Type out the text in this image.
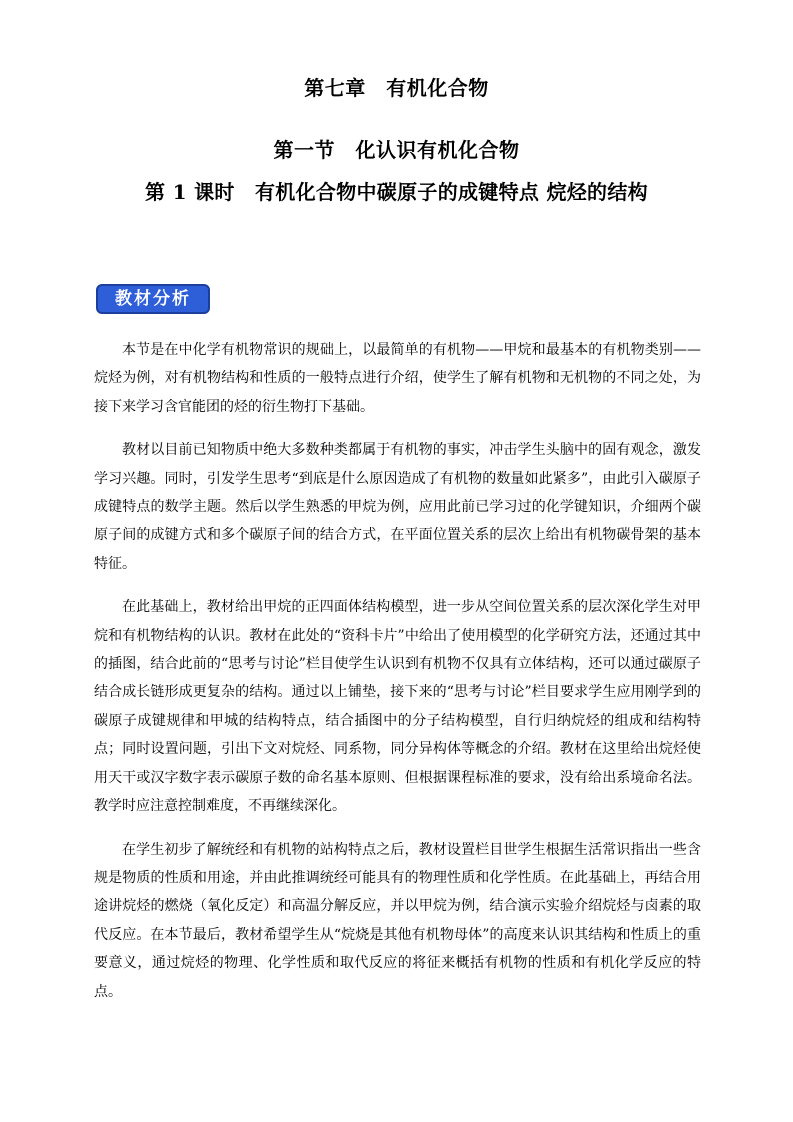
第七章　有机化合物
第一节　化认识有机化合物
第 1 课时　有机化合物中碳原子的成键特点 烷烃的结构
教材分析

本节是在中化学有机物常识的规础上，以最简单的有机物——甲烷和最基本的有机物类别——烷烃为例，对有机物结构和性质的一般特点进行介绍，使学生了解有机物和无机物的不同之处，为接下来学习含官能团的烃的衍生物打下基础。

教材以目前已知物质中绝大多数种类都属于有机物的事实，冲击学生头脑中的固有观念，激发学习兴趣。同时，引发学生思考“到底是什么原因造成了有机物的数量如此紧多”，由此引入碳原子成键特点的数学主题。然后以学生熟悉的甲烷为例，应用此前已学习过的化学键知识，介细两个碳原子间的成键方式和多个碳原子间的结合方式，在平面位置关系的层次上给出有机物碳骨架的基本特征。

在此基础上，教材给出甲烷的正四面体结构模型，进一步从空间位置关系的层次深化学生对甲烷和有机物结构的认识。教材在此处的“资科卡片”中给出了使用模型的化学研究方法，还通过其中的插图，结合此前的“思考与讨论”栏目使学生认识到有机物不仅具有立体结构，还可以通过碳原子结合成长链形成更复杂的结构。通过以上铺垫，接下来的“思考与讨论”栏目要求学生应用刚学到的碳原子成键规律和甲城的结构特点，结合插图中的分子结构模型，自行归纳烷烃的组成和结构特点；同时设置问题，引出下文对烷烃、同系物，同分异构体等概念的介绍。教材在这里给出烷烃使用天干或汉字数字表示碳原子数的命名基本原则、但根据课程标准的要求，没有给出系境命名法。教学时应注意控制难度，不再继续深化。

在学生初步了解统经和有机物的站构特点之后，教材设置栏目世学生根据生活常识指出一些含规是物质的性质和用途，并由此推调统经可能具有的物理性质和化学性质。在此基础上，再结合用途讲烷烃的燃烧（氧化反定）和高温分解反应，并以甲烷为例，结合演示实验介绍烷烃与卤素的取代反应。在本节最后，教材希望学生从“烷烧是其他有机物母体”的高度来认识其结构和性质上的重要意义，通过烷烃的物理、化学性质和取代反应的将征来概括有机物的性质和有机化学反应的特点。
